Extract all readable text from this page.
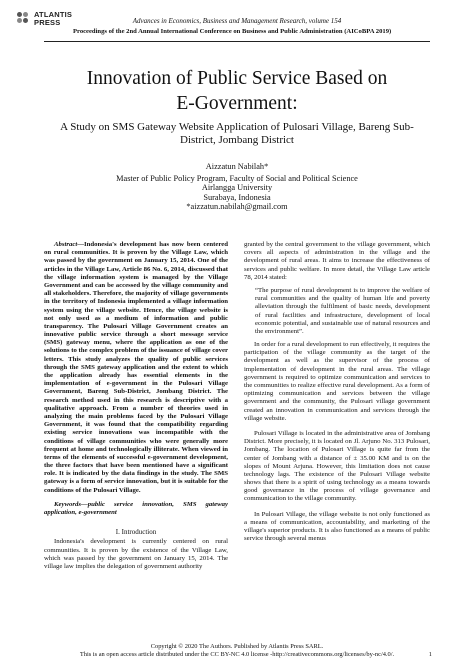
ATLANTIS
PRESS	Advances in Economics, Business and Management Research, volume 154
Proceedings of the 2nd Annual International Conference on Business and Public Administration (AICoBPA 2019)
Innovation of Public Service Based on
E-Government:
A Study on SMS Gateway Website Application of Pulosari Village, Bareng Sub-District, Jombang District
Aizzatun Nabilah*
Master of Public Policy Program, Faculty of Social and Political Science
Airlangga University
Surabaya, Indonesia
*aizzatun.nabilah@gmail.com

Abstract—Indonesia's development has now been centered on rural communities. It is proven by the Village Law, which was passed by the government on January 15, 2014. One of the articles in the Village Law, Article 86 No. 6, 2014, discussed that the village information system is managed by the Village Government and can be accessed by the village community and all stakeholders. Therefore, the majority of village governments in the territory of Indonesia implemented a village information system using the village website. Hence, the village website is not only used as a medium of information and public transparency. The Pulosari Village Government creates an innovative public service through a short message service (SMS) gateway menu, where the application as one of the solutions to the complex problem of the issuance of village cover letters. This study analyzes the quality of public services through the SMS gateway application and the extent to which the application already has essential elements in the implementation of e-government in the Pulosari Village Government, Bareng Sub-District, Jombang District. The research method used in this research is descriptive with a qualitative approach. From a number of theories used in analyzing the main problems faced by the Pulosari Village Government, it was found that the compatibility regarding existing service innovations was incompatible with the conditions of village communities who were generally more frequent at home and technologically illiterate. When viewed in terms of the elements of successful e-government development, the three factors that have been mentioned have a significant role. It is indicated by the data findings in the study. The SMS gateway is a form of service innovation, but it is suitable for the conditions of the Pulosari Village.

Keywords—public service innovation, SMS gateway application, e-government

I. Introduction

Indonesia's development is currently centered on rural communities. It is proven by the existence of the Village Law, which was passed by the government on January 15, 2014. The village law implies the delegation of government authority

granted by the central government to the village government, which covers all aspects of administration in the village and the development of rural areas. It aims to increase the effectiveness of services and public welfare. In more detail, the Village Law article 78, 2014 stated:

“The purpose of rural development is to improve the welfare of rural communities and the quality of human life and poverty alleviation through the fulfilment of basic needs, development of rural facilities and infrastructure, development of local economic potential, and sustainable use of natural resources and the environment”.

In order for a rural development to run effectively, it requires the participation of the village community as the target of the development as well as the supervisor of the process of implementation of development in the rural areas. The village government is required to optimize communication and services to the communities to realize effective rural development. As a form of optimizing communication and services between the village government and the community, the Pulosari village government created an innovation in communication and services through the village website.

Pulosari Village is located in the administrative area of Jombang District. More precisely, it is located on Jl. Arjuno No. 313 Pulosari, Jombang. The location of Pulosari Village is quite far from the center of Jombang with a distance of ± 35.00 KM and is on the slopes of Mount Arjuna. However, this limitation does not cause technology lags. The existence of the Pulosari Village website shows that there is a spirit of using technology as a means towards good governance in the process of village governance and communication to the village community.

In Pulosari Village, the village website is not only functioned as a means of communication, accountability, and marketing of the village's superior products. It is also functioned as a means of public service through several menus

Copyright © 2020 The Authors. Published by Atlantis Press SARL.
This is an open access article distributed under the CC BY-NC 4.0 license -http://creativecommons.org/licenses/by-nc/4.0/.	1
